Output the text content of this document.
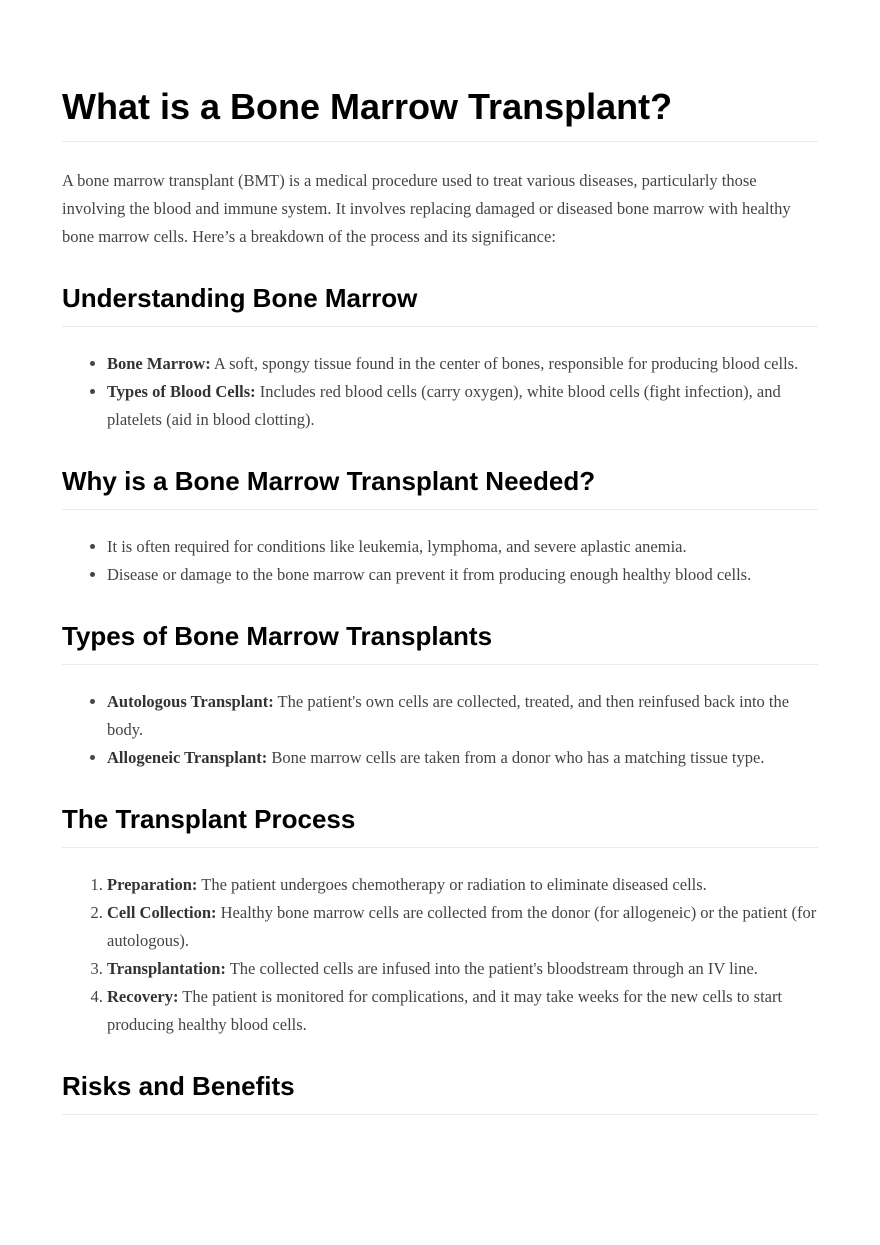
What is a Bone Marrow Transplant?

A bone marrow transplant (BMT) is a medical procedure used to treat various diseases, particularly those involving the blood and immune system. It involves replacing damaged or diseased bone marrow with healthy bone marrow cells. Here’s a breakdown of the process and its significance:

Understanding Bone Marrow
• Bone Marrow: A soft, spongy tissue found in the center of bones, responsible for producing blood cells.
• Types of Blood Cells: Includes red blood cells (carry oxygen), white blood cells (fight infection), and platelets (aid in blood clotting).
Why is a Bone Marrow Transplant Needed?
• It is often required for conditions like leukemia, lymphoma, and severe aplastic anemia.
• Disease or damage to the bone marrow can prevent it from producing enough healthy blood cells.
Types of Bone Marrow Transplants
• Autologous Transplant: The patient's own cells are collected, treated, and then reinfused back into the body.
• Allogeneic Transplant: Bone marrow cells are taken from a donor who has a matching tissue type.
The Transplant Process
1. Preparation: The patient undergoes chemotherapy or radiation to eliminate diseased cells.
2. Cell Collection: Healthy bone marrow cells are collected from the donor (for allogeneic) or the patient (for autologous).
3. Transplantation: The collected cells are infused into the patient's bloodstream through an IV line.
4. Recovery: The patient is monitored for complications, and it may take weeks for the new cells to start producing healthy blood cells.
Risks and Benefits
